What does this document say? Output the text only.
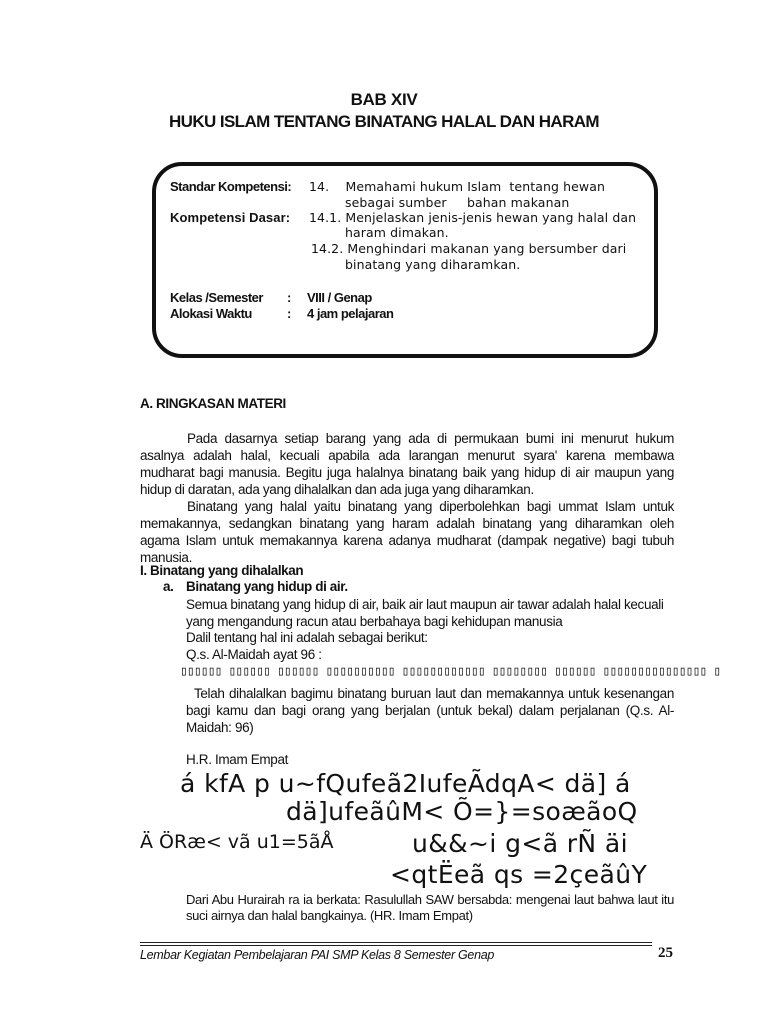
BAB XIV
HUKU ISLAM TENTANG BINATANG HALAL DAN HARAM
Standar Kompetensi: 14.    Memahami hukum Islam  tentang hewan
sebagai sumber     bahan makanan
Kompetensi Dasar: 14.1. Menjelaskan jenis-jenis hewan yang halal dan
haram dimakan.
14.2. Menghindari makanan yang bersumber dari
binatang yang diharamkan.
Kelas /Semester : VIII / Genap
Alokasi Waktu	: 4 jam pelajaran
A. RINGKASAN MATERI

Pada dasarnya setiap barang yang ada di permukaan bumi ini menurut hukum asalnya adalah halal, kecuali apabila ada larangan menurut syara' karena membawa mudharat bagi manusia. Begitu juga halalnya binatang baik yang hidup di air maupun yang hidup di daratan, ada yang dihalalkan dan ada juga yang diharamkan.

Binatang yang halal yaitu binatang yang diperbolehkan bagi ummat Islam untuk memakannya, sedangkan binatang yang haram adalah binatang yang diharamkan oleh agama Islam untuk memakannya karena adanya mudharat (dampak negative) bagi tubuh manusia.

I. Binatang yang dihalalkan
a. Binatang yang hidup di air.
Semua binatang yang hidup di air, baik air laut maupun air tawar adalah halal kecuali
yang mengandung racun atau berbahaya bagi kehidupan manusia
Dalil tentang hal ini adalah sebagai berikut:
Q.s. Al-Maidah ayat 96 :
▯▯▯▯▯▯ ▯▯▯▯▯▯ ▯▯▯▯▯▯ ▯▯▯▯▯▯▯▯▯▯ ▯▯▯▯▯▯▯▯▯▯▯▯ ▯▯▯▯▯▯▯▯ ▯▯▯▯▯▯ ▯▯▯▯▯▯▯▯▯▯▯▯▯▯▯ ▯

Telah dihalalkan bagimu binatang buruan laut dan memakannya untuk kesenangan bagi kamu dan bagi orang yang berjalan (untuk bekal) dalam perjalanan (Q.s. Al-Maidah: 96)

H.R. Imam Empat
á kfA p u~fQufeã2IufeÃdqA< dä] á
dä]ufeãûM< Õ=}=soæãoQ
Ä ÖRæ< vã u1=5ãÅ	u&&~i g<ã rÑ äi
<qtËeã qs =2çeãûY

Dari Abu Hurairah ra ia berkata: Rasulullah SAW bersabda: mengenai laut bahwa laut itu suci airnya dan halal bangkainya. (HR. Imam Empat)

Lembar Kegiatan Pembelajaran PAI SMP Kelas 8 Semester Genap	25
